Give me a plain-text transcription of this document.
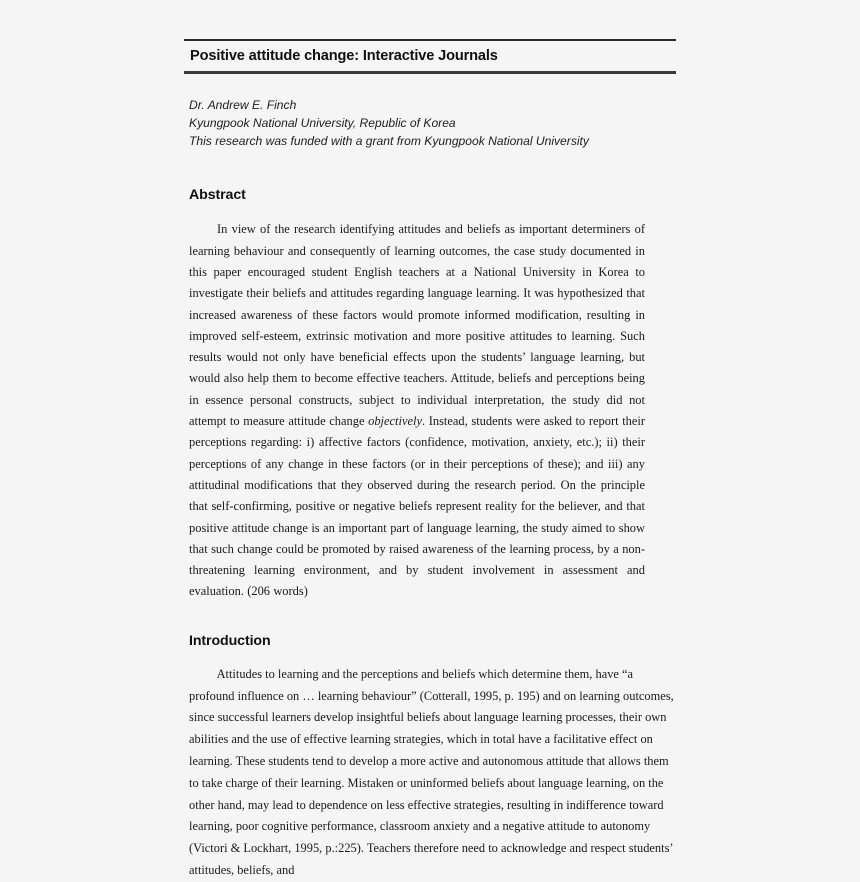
Positive attitude change: Interactive Journals
Dr. Andrew E. Finch
Kyungpook National University, Republic of Korea
This research was funded with a grant from Kyungpook National University
Abstract
In view of the research identifying attitudes and beliefs as important determiners of learning behaviour and consequently of learning outcomes, the case study documented in this paper encouraged student English teachers at a National University in Korea to investigate their beliefs and attitudes regarding language learning. It was hypothesized that increased awareness of these factors would promote informed modification, resulting in improved self-esteem, extrinsic motivation and more positive attitudes to learning. Such results would not only have beneficial effects upon the students’ language learning, but would also help them to become effective teachers. Attitude, beliefs and perceptions being in essence personal constructs, subject to individual interpretation, the study did not attempt to measure attitude change objectively. Instead, students were asked to report their perceptions regarding: i) affective factors (confidence, motivation, anxiety, etc.); ii) their perceptions of any change in these factors (or in their perceptions of these); and iii) any attitudinal modifications that they observed during the research period. On the principle that self-confirming, positive or negative beliefs represent reality for the believer, and that positive attitude change is an important part of language learning, the study aimed to show that such change could be promoted by raised awareness of the learning process, by a non-threatening learning environment, and by student involvement in assessment and evaluation. (206 words)
Introduction
Attitudes to learning and the perceptions and beliefs which determine them, have “a profound influence on … learning behaviour” (Cotterall, 1995, p. 195) and on learning outcomes, since successful learners develop insightful beliefs about language learning processes, their own abilities and the use of effective learning strategies, which in total have a facilitative effect on learning. These students tend to develop a more active and autonomous attitude that allows them to take charge of their learning. Mistaken or uninformed beliefs about language learning, on the other hand, may lead to dependence on less effective strategies, resulting in indifference toward learning, poor cognitive performance, classroom anxiety and a negative attitude to autonomy (Victori & Lockhart, 1995, p.:225). Teachers therefore need to acknowledge and respect students’ attitudes, beliefs, and
